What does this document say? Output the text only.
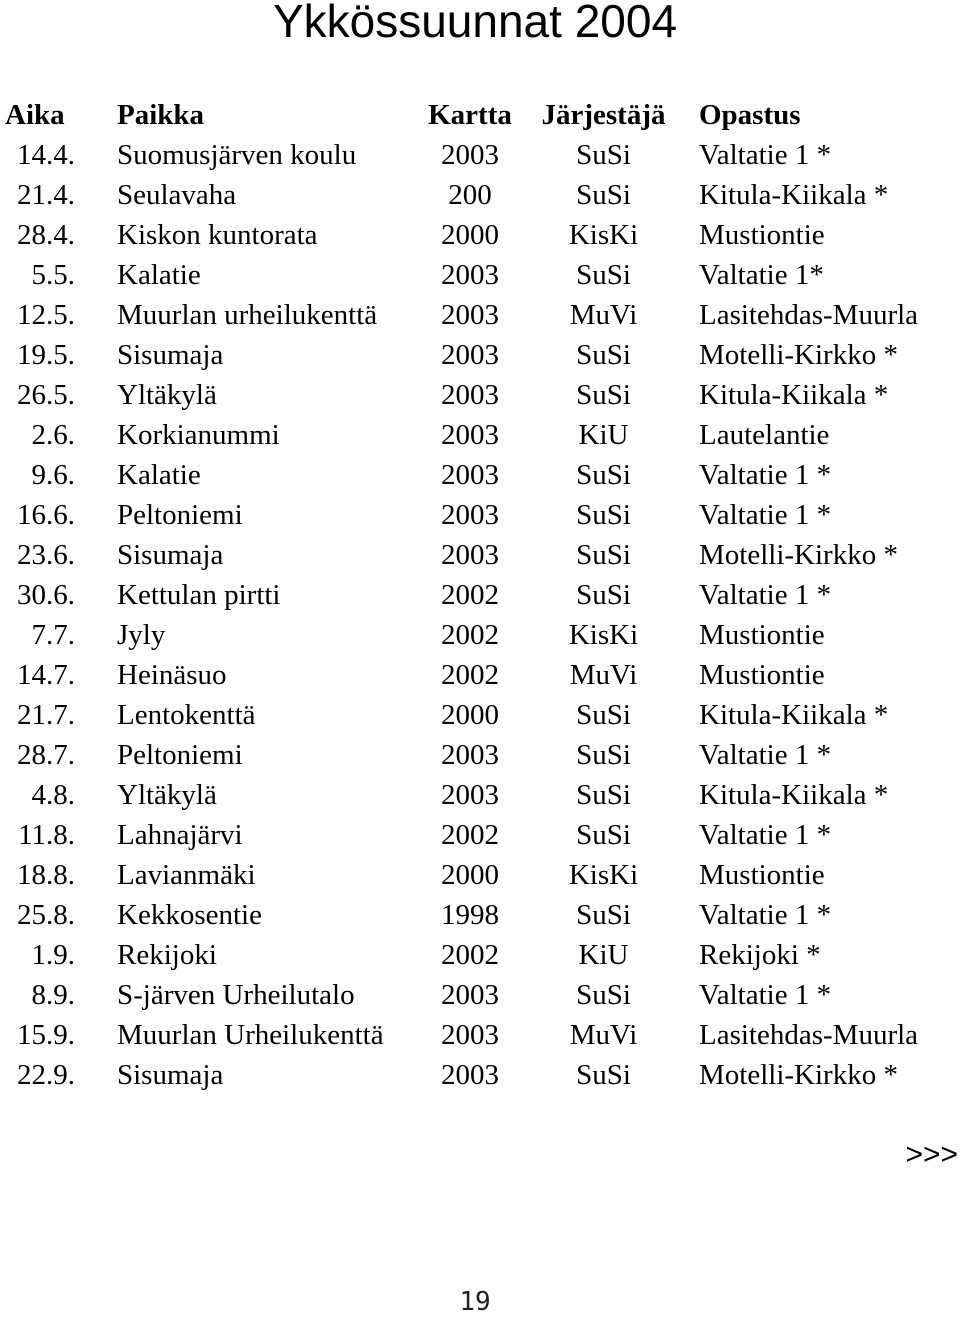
Ykkössuunnat 2004
Aika Paikka	Kartta	Järjestäjä	Opastus
14.4. Suomusjärven koulu	2003	SuSi	Valtatie 1 *
21.4. Seulavaha	200	SuSi	Kitula-Kiikala *
28.4. Kiskon kuntorata	2000	KisKi	Mustiontie
5.5. Kalatie	2003	SuSi	Valtatie 1*
12.5. Muurlan urheilukenttä	2003	MuVi	Lasitehdas-Muurla
19.5. Sisumaja	2003	SuSi	Motelli-Kirkko *
26.5. Yltäkylä	2003	SuSi	Kitula-Kiikala *
2.6. Korkianummi	2003	KiU	Lautelantie
9.6. Kalatie	2003	SuSi	Valtatie 1 *
16.6. Peltoniemi	2003	SuSi	Valtatie 1 *
23.6. Sisumaja	2003	SuSi	Motelli-Kirkko *
30.6. Kettulan pirtti	2002	SuSi	Valtatie 1 *
7.7. Jyly	2002	KisKi	Mustiontie
14.7. Heinäsuo	2002	MuVi	Mustiontie
21.7. Lentokenttä	2000	SuSi	Kitula-Kiikala *
28.7. Peltoniemi	2003	SuSi	Valtatie 1 *
4.8. Yltäkylä	2003	SuSi	Kitula-Kiikala *
11.8. Lahnajärvi	2002	SuSi	Valtatie 1 *
18.8. Lavianmäki	2000	KisKi	Mustiontie
25.8. Kekkosentie	1998	SuSi	Valtatie 1 *
1.9. Rekijoki	2002	KiU	Rekijoki *
8.9. S-järven Urheilutalo	2003	SuSi	Valtatie 1 *
15.9. Muurlan Urheilukenttä	2003	MuVi	Lasitehdas-Muurla
22.9. Sisumaja	2003	SuSi	Motelli-Kirkko *
>>>
19
